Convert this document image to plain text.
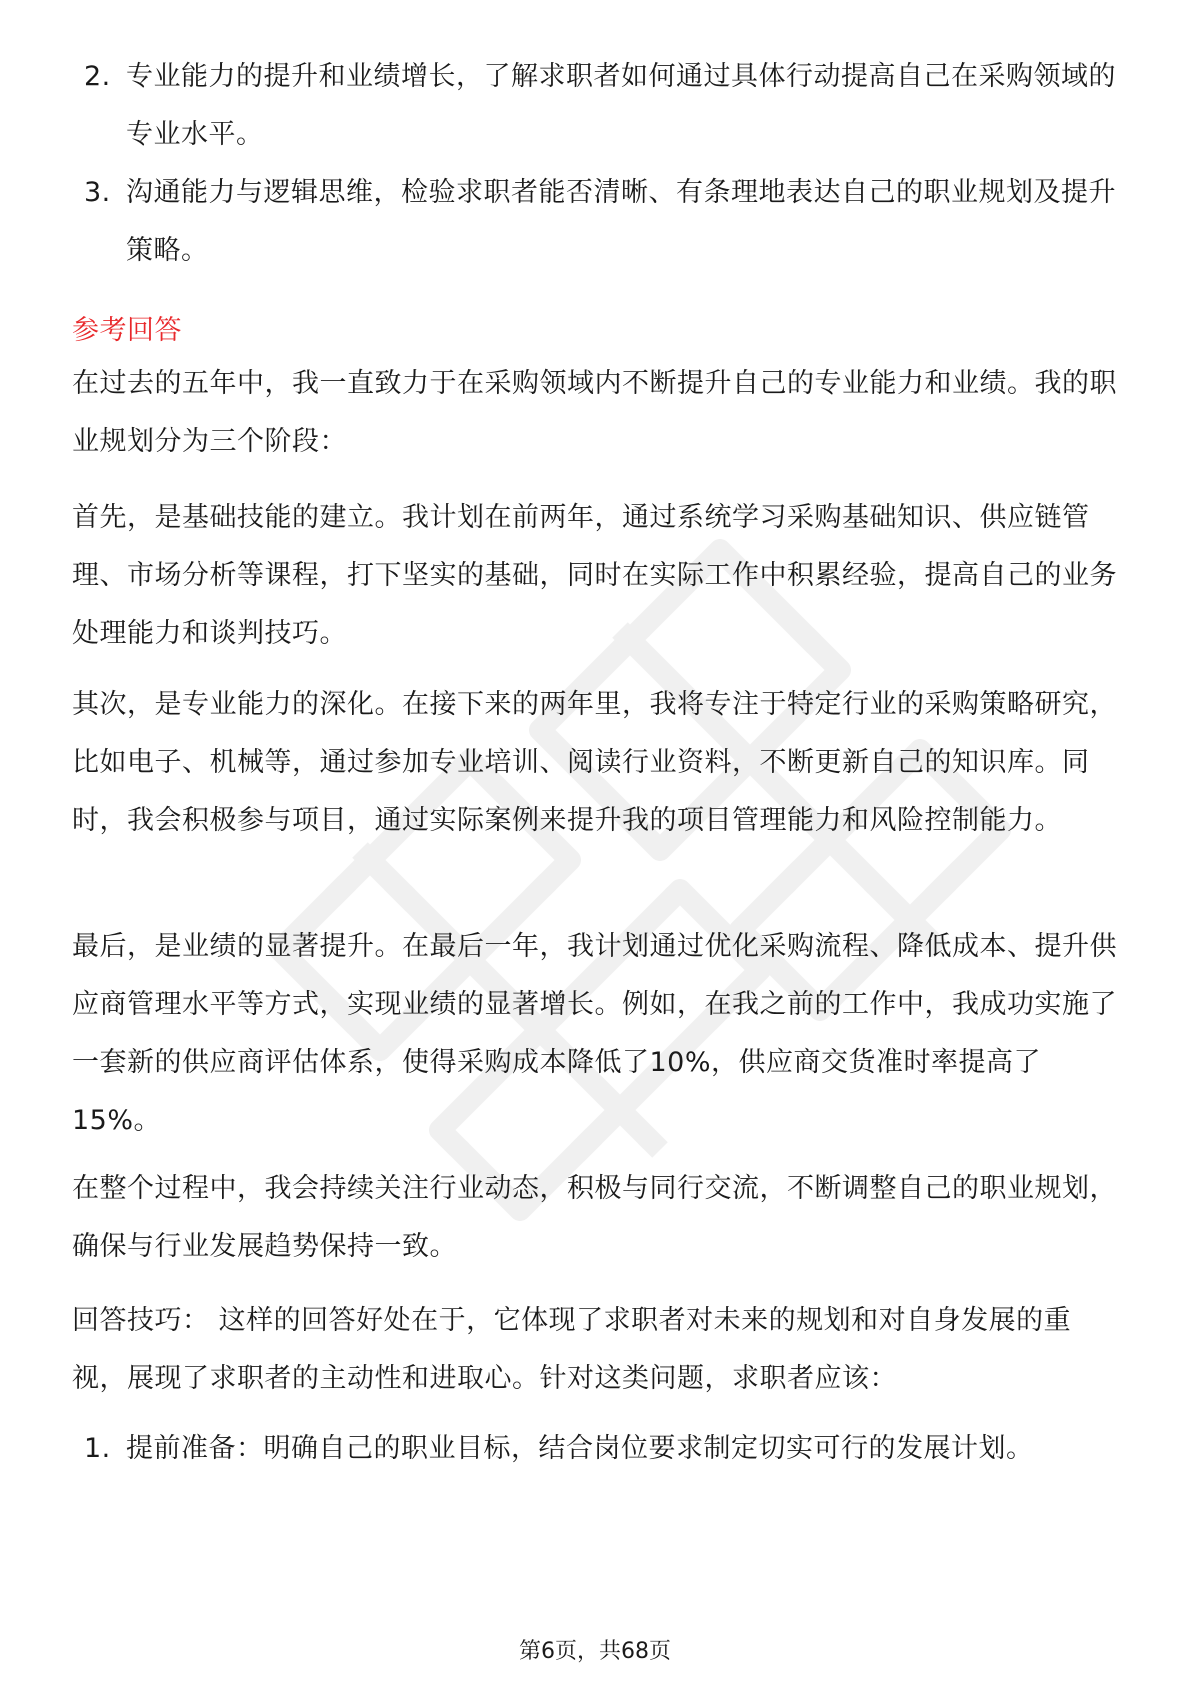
2. 专业能力的提升和业绩增长，了解求职者如何通过具体行动提高自己在采购领域的专业水平。
3. 沟通能力与逻辑思维，检验求职者能否清晰、有条理地表达自己的职业规划及提升策略。
参考回答
在过去的五年中，我一直致力于在采购领域内不断提升自己的专业能力和业绩。我的职业规划分为三个阶段：
首先，是基础技能的建立。我计划在前两年，通过系统学习采购基础知识、供应链管理、市场分析等课程，打下坚实的基础，同时在实际工作中积累经验，提高自己的业务处理能力和谈判技巧。
其次，是专业能力的深化。在接下来的两年里，我将专注于特定行业的采购策略研究，比如电子、机械等，通过参加专业培训、阅读行业资料，不断更新自己的知识库。同时，我会积极参与项目，通过实际案例来提升我的项目管理能力和风险控制能力。
最后，是业绩的显著提升。在最后一年，我计划通过优化采购流程、降低成本、提升供应商管理水平等方式，实现业绩的显著增长。例如，在我之前的工作中，我成功实施了一套新的供应商评估体系，使得采购成本降低了10%，供应商交货准时率提高了15%。
在整个过程中，我会持续关注行业动态，积极与同行交流，不断调整自己的职业规划，确保与行业发展趋势保持一致。
回答技巧： 这样的回答好处在于，它体现了求职者对未来的规划和对自身发展的重视，展现了求职者的主动性和进取心。针对这类问题，求职者应该：
1. 提前准备：明确自己的职业目标，结合岗位要求制定切实可行的发展计划。
第6页，共68页
